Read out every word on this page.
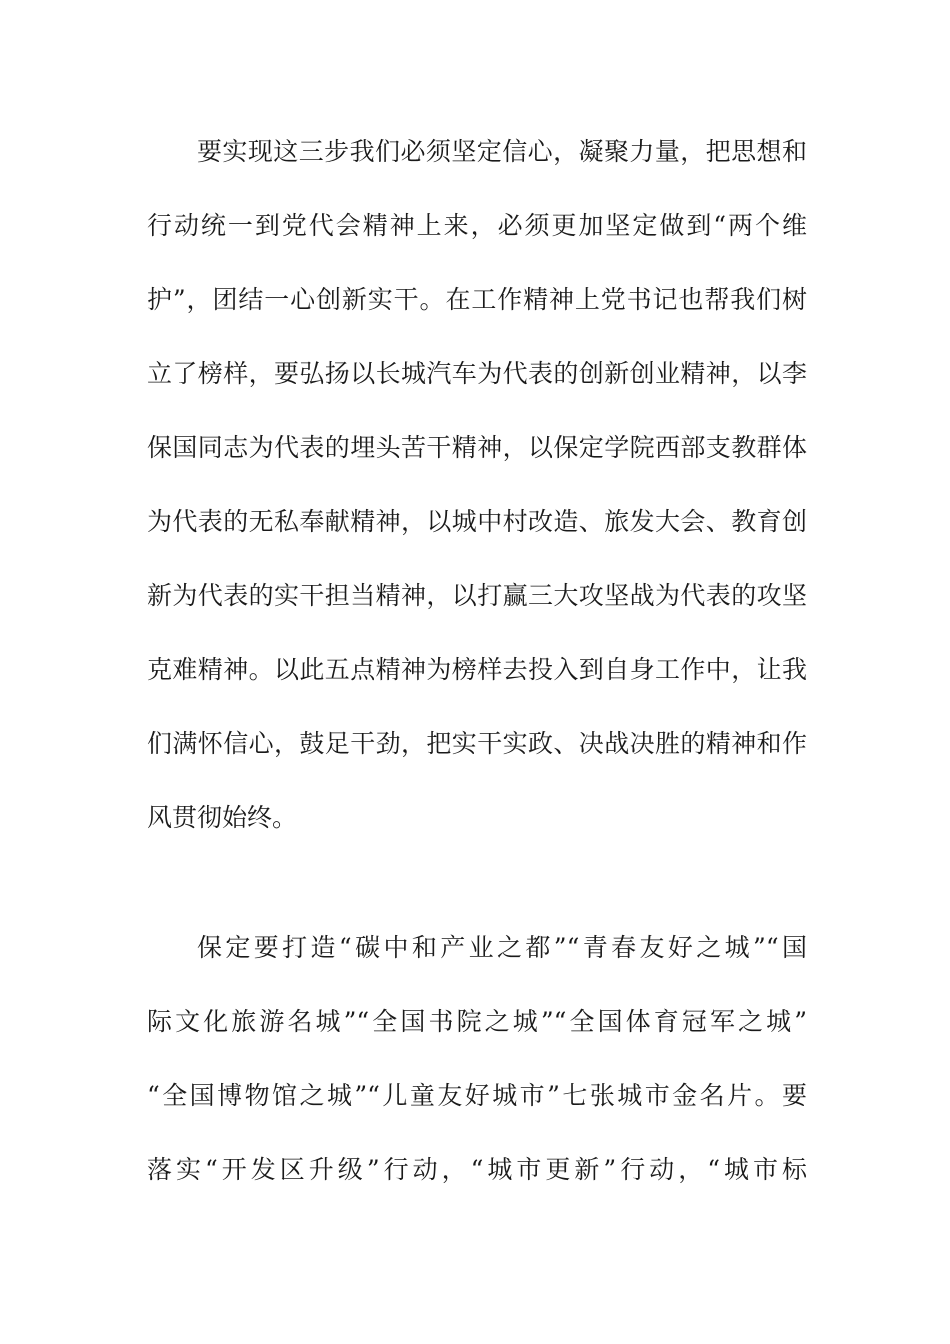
要实现这三步我们必须坚定信心，凝聚力量，把思想和
行动统一到党代会精神上来，必须更加坚定做到“两个维
护”，团结一心创新实干。在工作精神上党书记也帮我们树
立了榜样，要弘扬以长城汽车为代表的创新创业精神，以李
保国同志为代表的埋头苦干精神，以保定学院西部支教群体
为代表的无私奉献精神，以城中村改造、旅发大会、教育创
新为代表的实干担当精神，以打赢三大攻坚战为代表的攻坚
克难精神。以此五点精神为榜样去投入到自身工作中，让我
们满怀信心，鼓足干劲，把实干实政、决战决胜的精神和作
风贯彻始终。
保定要打造“碳中和产业之都”“青春友好之城”“国
际文化旅游名城”“全国书院之城”“全国体育冠军之城”
“全国博物馆之城”“儿童友好城市”七张城市金名片。要
落实“开发区升级”行动，“城市更新”行动，“城市标
